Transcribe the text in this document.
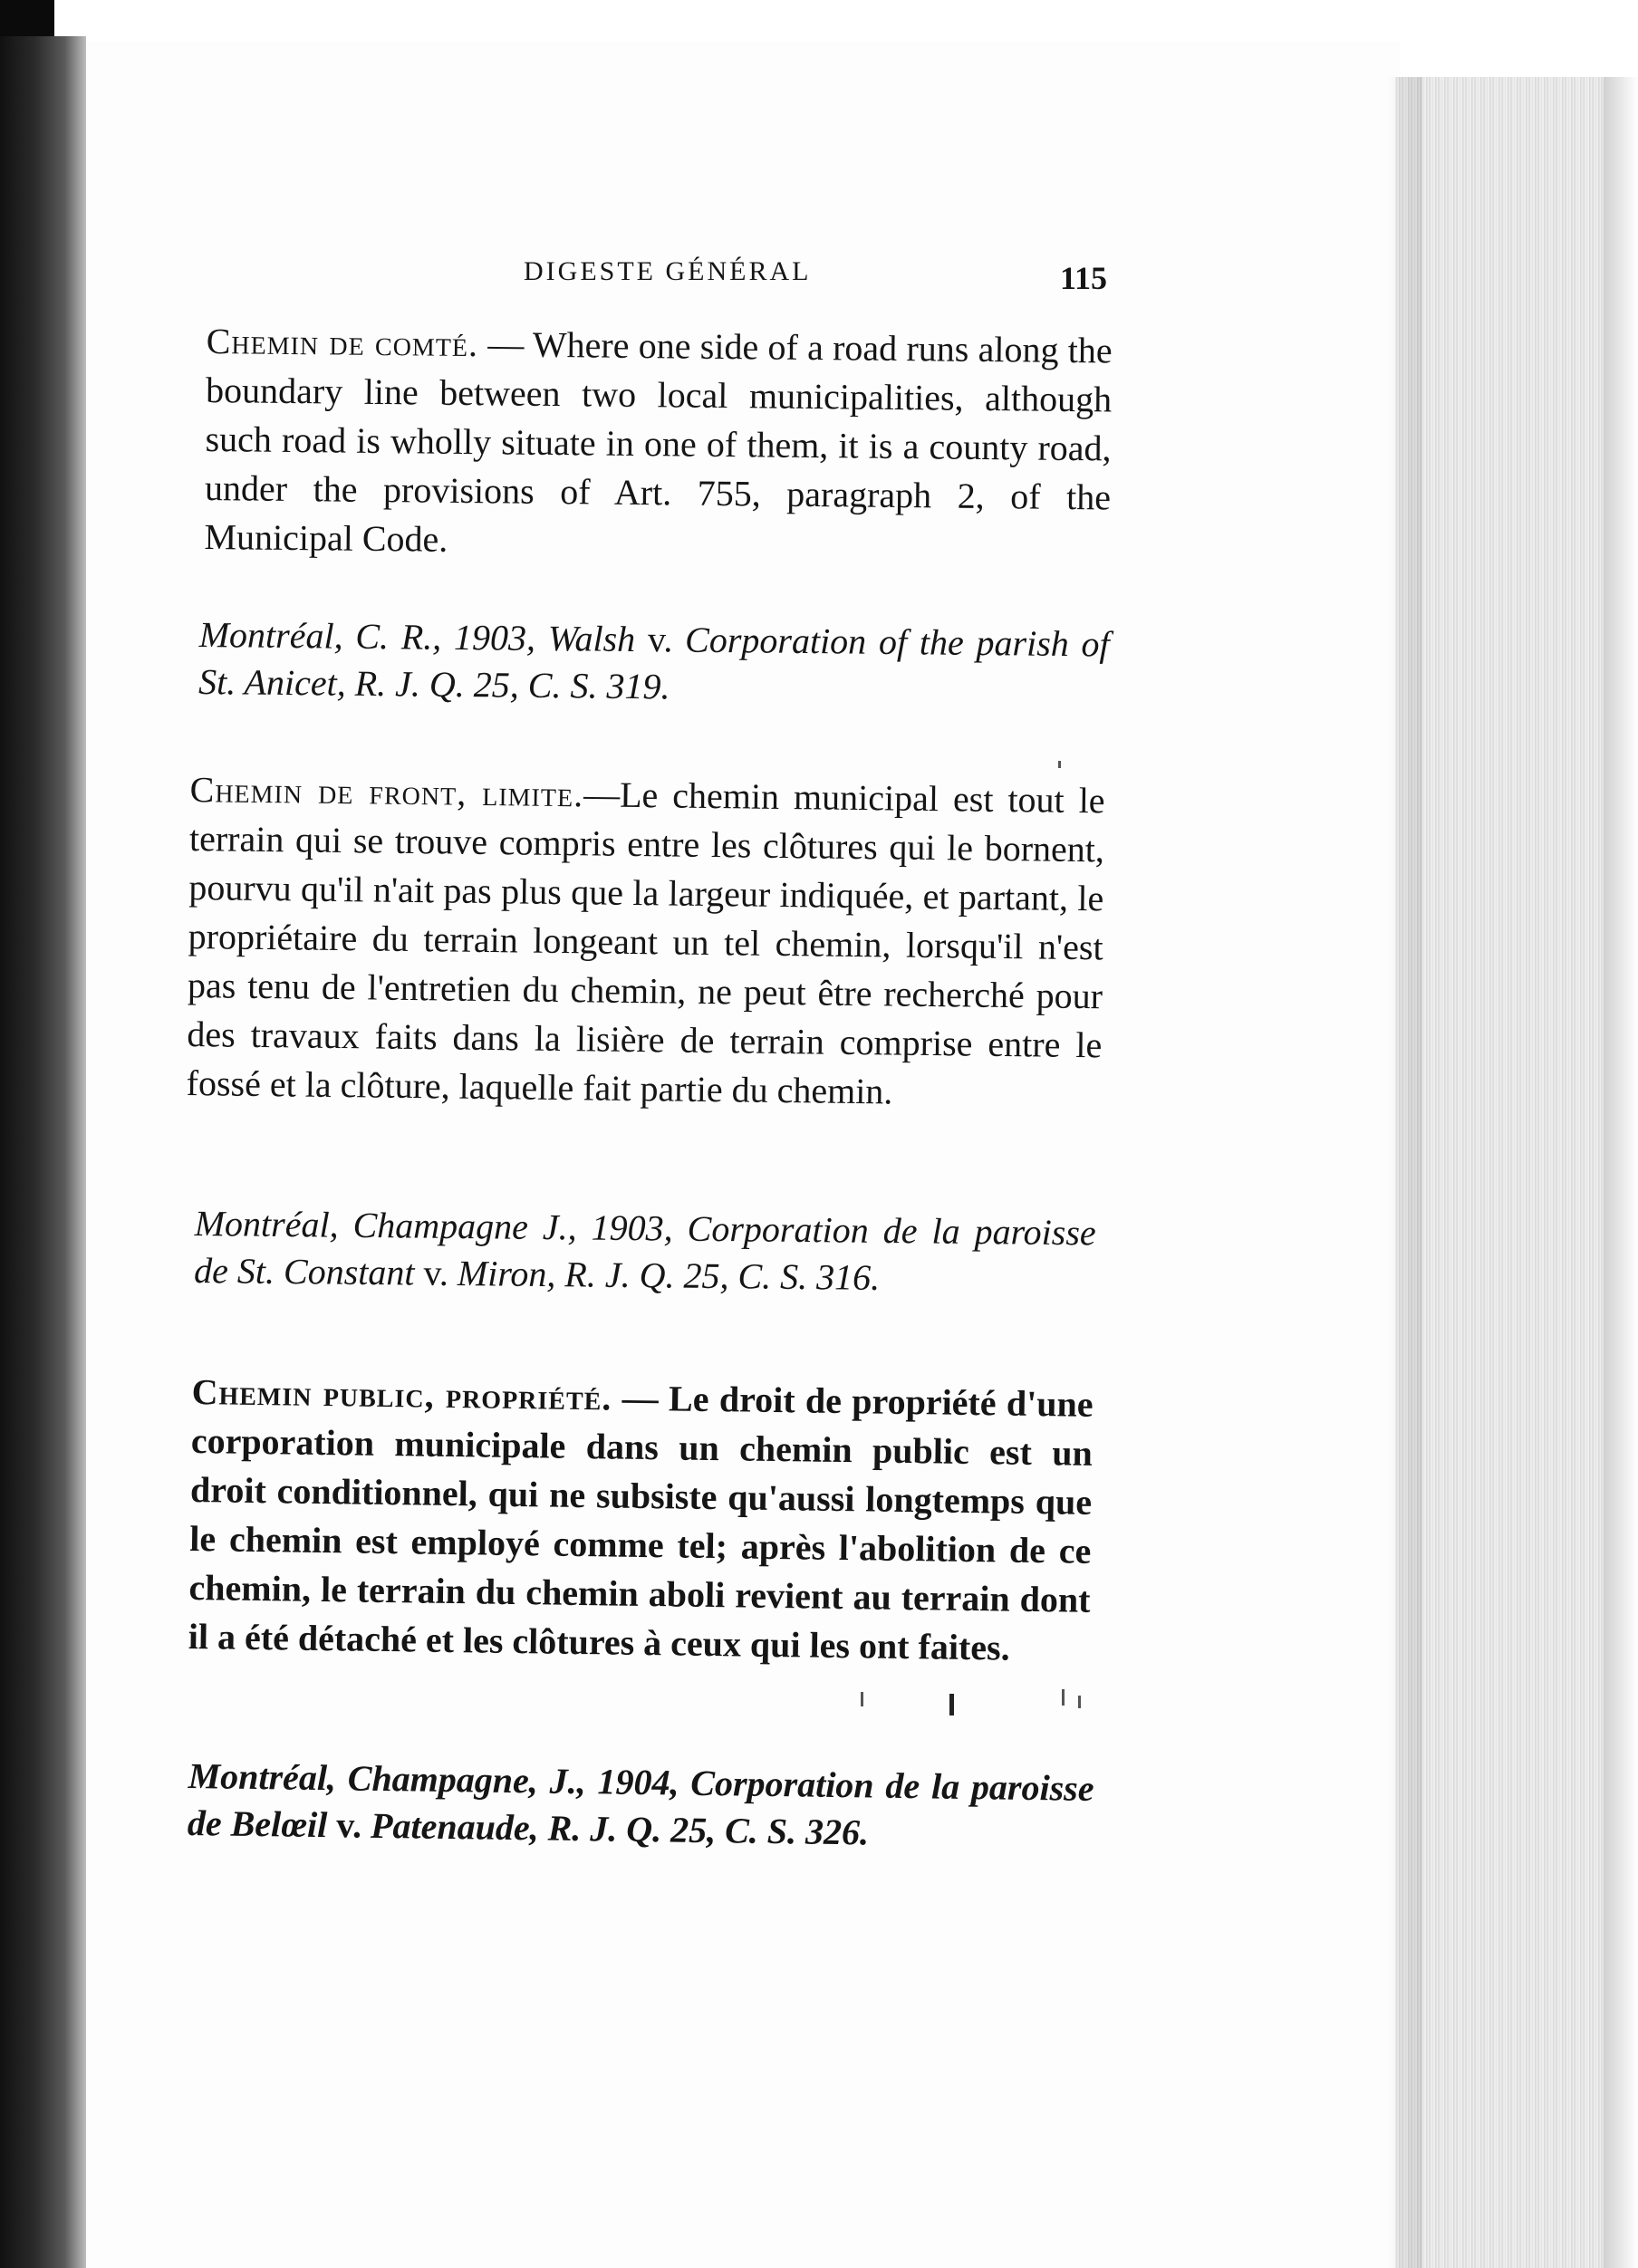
DIGESTE GÉNÉRAL	115

Chemin de comté. — Where one side of a road runs along the boundary line between two local municipalities, although such road is wholly situate in one of them, it is a county road, under the provisions of Art. 755, paragraph 2, of the Municipal Code.

Montréal, C. R., 1903, Walsh v. Corporation of the parish of St. Anicet, R. J. Q. 25, C. S. 319.

Chemin de front, limite.—Le chemin municipal est tout le terrain qui se trouve compris entre les clôtures qui le bornent, pourvu qu'il n'ait pas plus que la largeur indiquée, et partant, le propriétaire du terrain longeant un tel chemin, lorsqu'il n'est pas tenu de l'entretien du chemin, ne peut être recherché pour des travaux faits dans la lisière de terrain comprise entre le fossé et la clôture, laquelle fait partie du chemin.

Montréal, Champagne J., 1903, Corporation de la paroisse de St. Constant v. Miron, R. J. Q. 25, C. S. 316.

Chemin public, propriété. — Le droit de propriété d'une corporation municipale dans un chemin public est un droit conditionnel, qui ne subsiste qu'aussi longtemps que le chemin est employé comme tel; après l'abolition de ce chemin, le terrain du chemin aboli revient au terrain dont il a été détaché et les clôtures à ceux qui les ont faites.

Montréal, Champagne, J., 1904, Corporation de la paroisse de Belœil v. Patenaude, R. J. Q. 25, C. S. 326.
